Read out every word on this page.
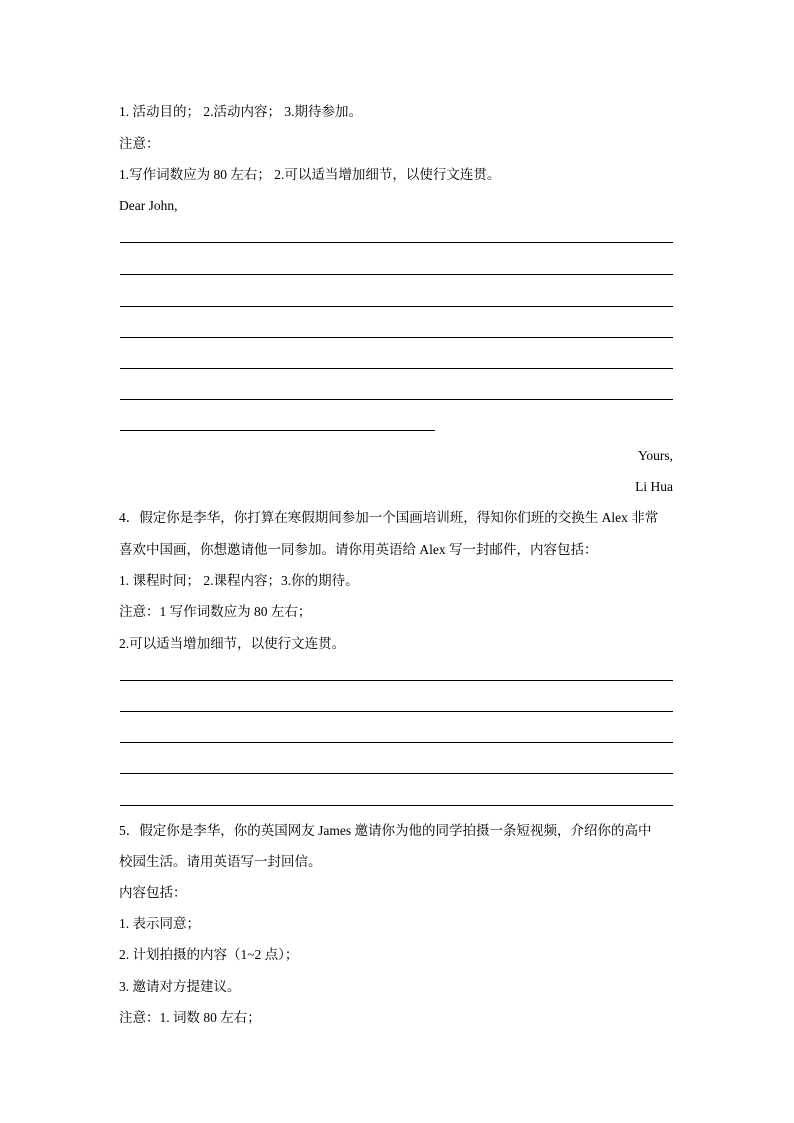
1. 活动目的； 2.活动内容； 3.期待参加。
注意：
1.写作词数应为 80 左右； 2.可以适当增加细节，以使行文连贯。
Dear John,
Yours,
Li Hua
4．假定你是李华，你打算在寒假期间参加一个国画培训班，得知你们班的交换生 Alex 非常
喜欢中国画，你想邀请他一同参加。请你用英语给 Alex 写一封邮件，内容包括：
1. 课程时间； 2.课程内容；3.你的期待。
注意：1 写作词数应为 80 左右；
2.可以适当增加细节，以使行文连贯。
5．假定你是李华，你的英国网友 James 邀请你为他的同学拍摄一条短视频，介绍你的高中
校园生活。请用英语写一封回信。
内容包括：
1. 表示同意；
2. 计划拍摄的内容（1~2 点）；
3. 邀请对方提建议。
注意：1. 词数 80 左右；
